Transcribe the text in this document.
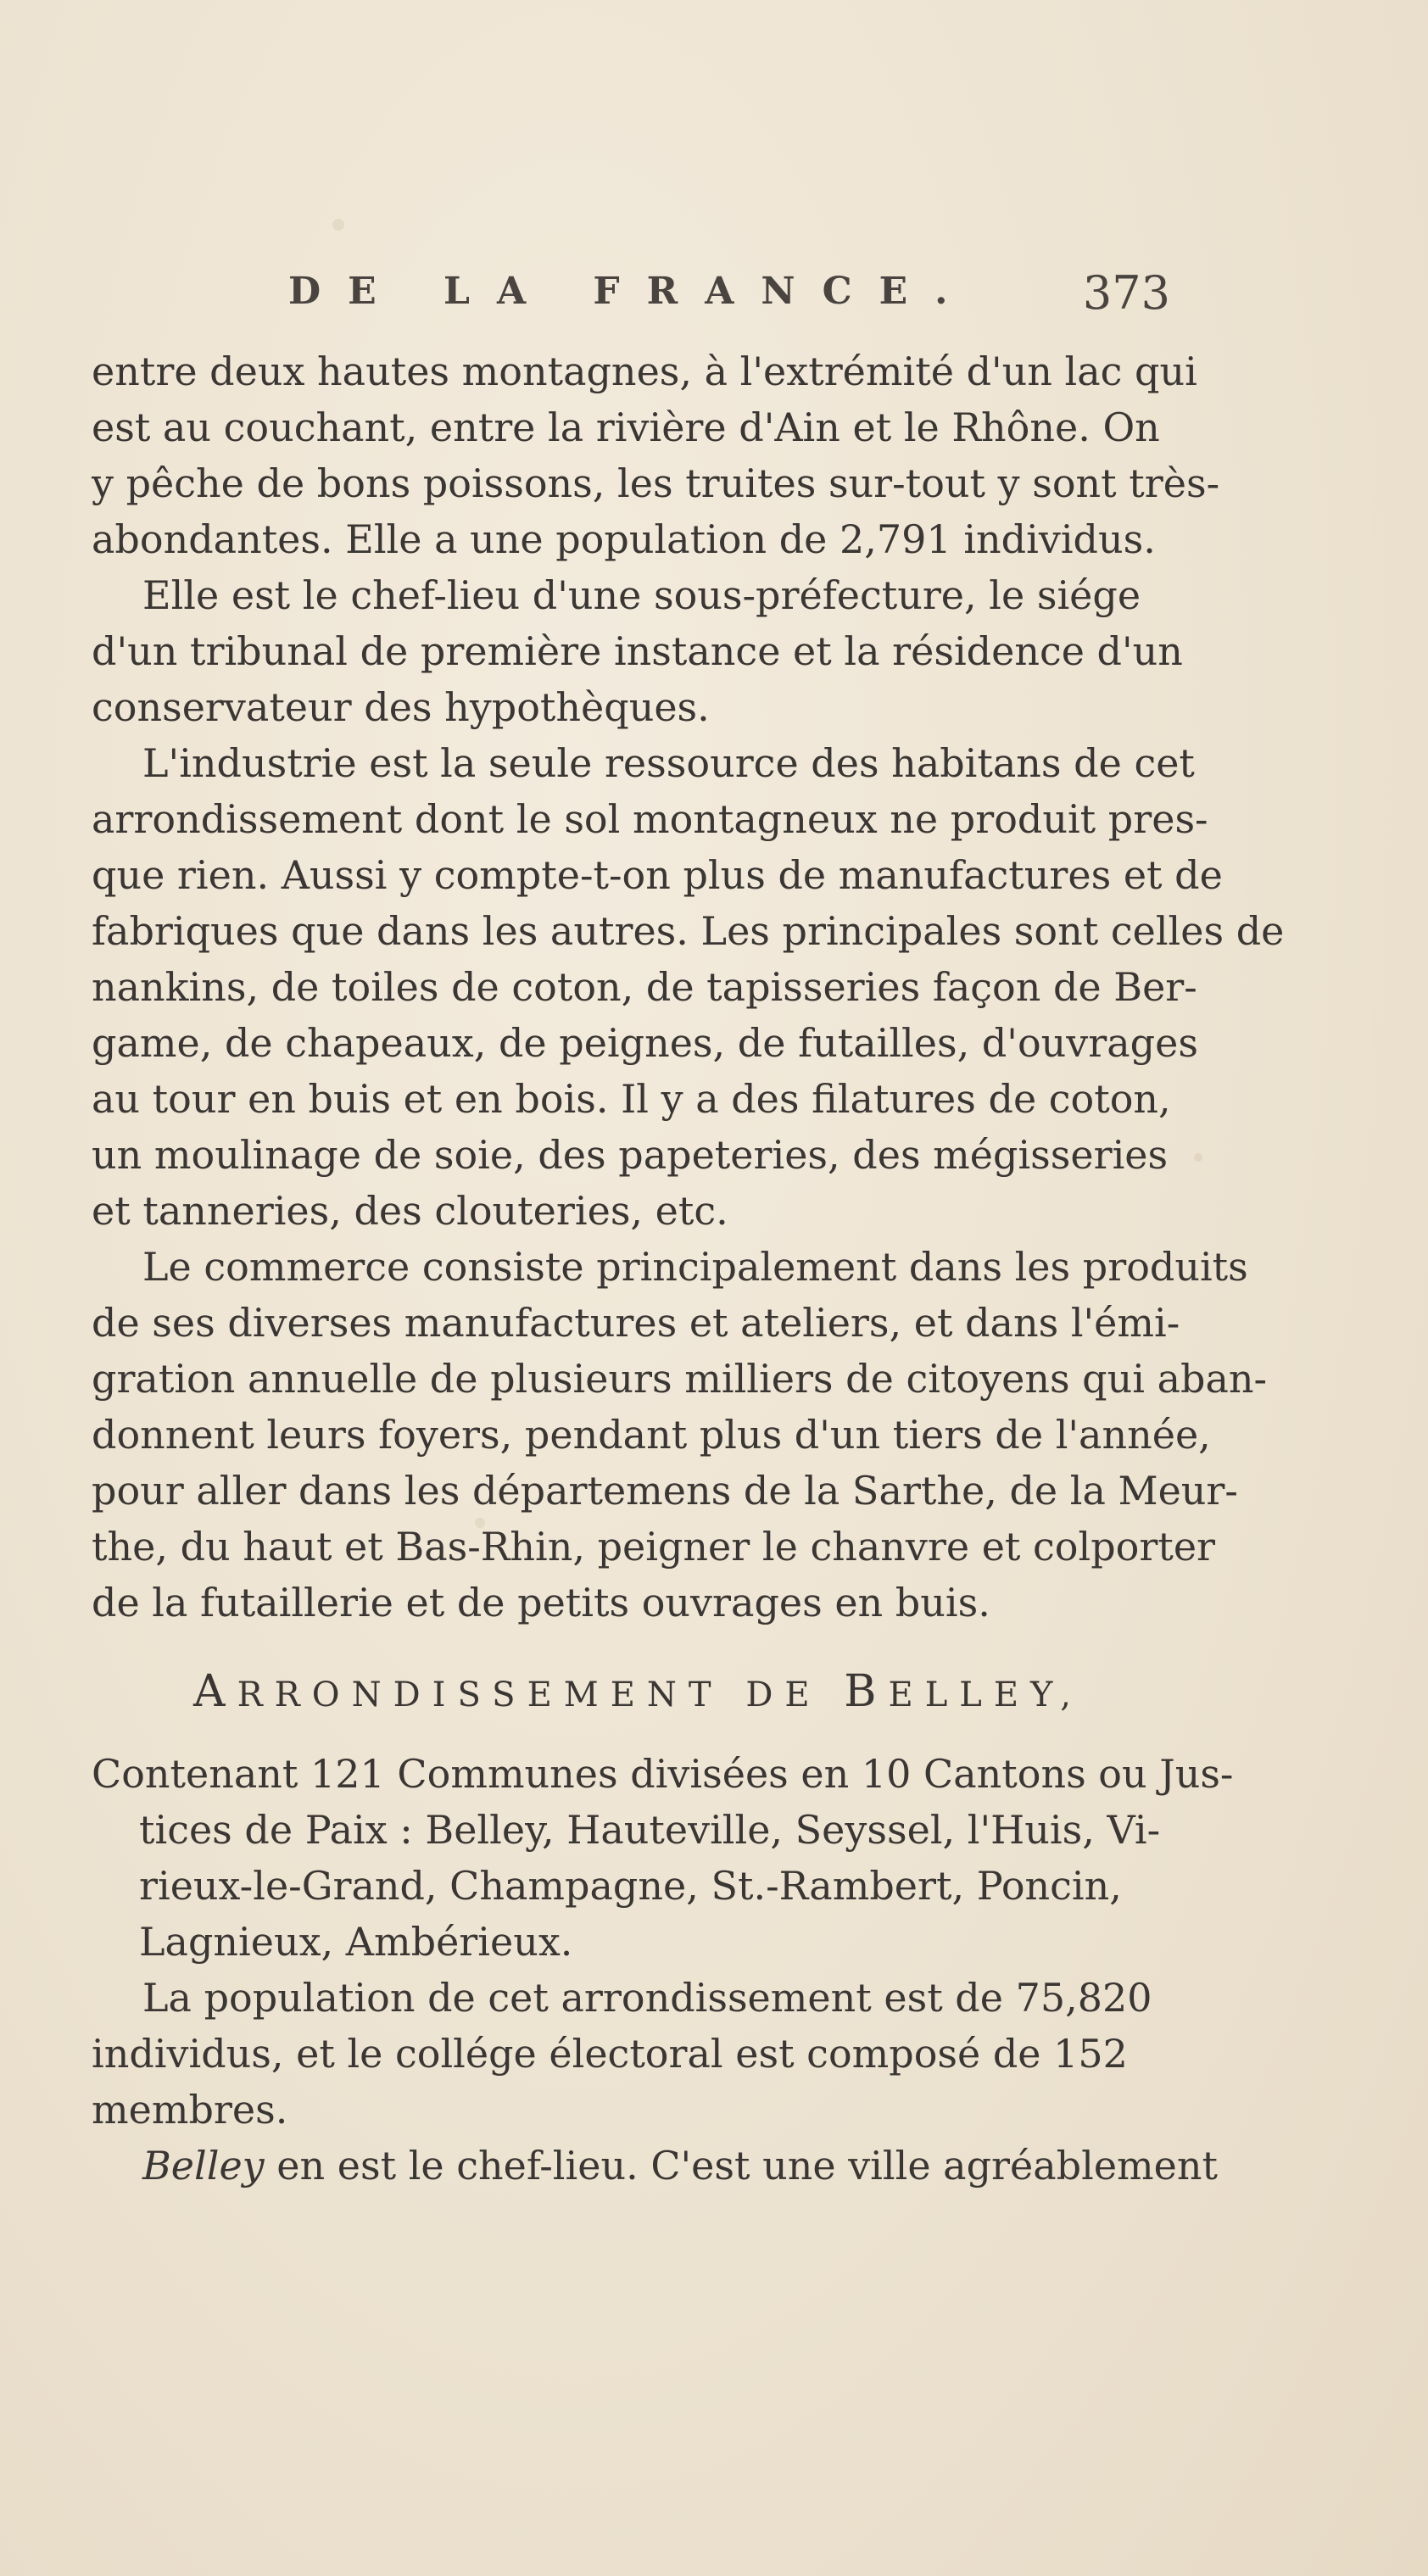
DE LA FRANCE. 373
entre deux hautes montagnes, à l'extrémité d'un lac qui
est au couchant, entre la rivière d'Ain et le Rhône. On
y pêche de bons poissons, les truites sur-tout y sont très-
abondantes. Elle a une population de 2,791 individus.
Elle est le chef-lieu d'une sous-préfecture, le siége
d'un tribunal de première instance et la résidence d'un
conservateur des hypothèques.
L'industrie est la seule ressource des habitans de cet
arrondissement dont le sol montagneux ne produit pres-
que rien. Aussi y compte-t-on plus de manufactures et de
fabriques que dans les autres. Les principales sont celles de
nankins, de toiles de coton, de tapisseries façon de Ber-
game, de chapeaux, de peignes, de futailles, d'ouvrages
au tour en buis et en bois. Il y a des filatures de coton,
un moulinage de soie, des papeteries, des mégisseries
et tanneries, des clouteries, etc.
Le commerce consiste principalement dans les produits
de ses diverses manufactures et ateliers, et dans l'émi-
gration annuelle de plusieurs milliers de citoyens qui aban-
donnent leurs foyers, pendant plus d'un tiers de l'année,
pour aller dans les départemens de la Sarthe, de la Meur-
the, du haut et Bas-Rhin, peigner le chanvre et colporter
de la futaillerie et de petits ouvrages en buis.
ARRONDISSEMENT DE BELLEY,
Contenant 121 Communes divisées en 10 Cantons ou Jus-
tices de Paix : Belley, Hauteville, Seyssel, l'Huis, Vi-
rieux-le-Grand, Champagne, St.-Rambert, Poncin,
Lagnieux, Ambérieux.
La population de cet arrondissement est de 75,820
individus, et le collége électoral est composé de 152
membres.
Belley en est le chef-lieu. C'est une ville agréablement
